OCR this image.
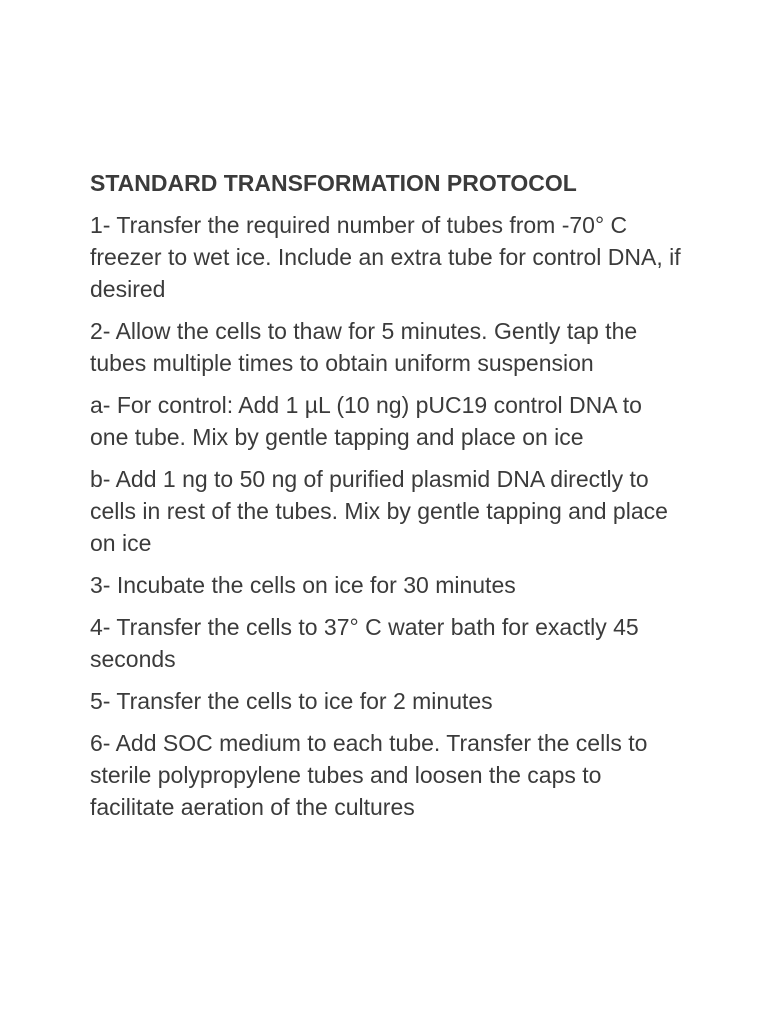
STANDARD TRANSFORMATION PROTOCOL
1- Transfer the required number of tubes from -70° C freezer to wet ice. Include an extra tube for control DNA, if desired
2- Allow the cells to thaw for 5 minutes. Gently tap the tubes multiple times to obtain uniform suspension
a- For control: Add 1 µL (10 ng) pUC19 control DNA to one tube. Mix by gentle tapping and place on ice
b- Add 1 ng to 50 ng of purified plasmid DNA directly to cells in rest of the tubes. Mix by gentle tapping and place on ice
3- Incubate the cells on ice for 30 minutes
4- Transfer the cells to 37° C water bath for exactly 45 seconds
5- Transfer the cells to ice for 2 minutes
6- Add SOC medium to each tube. Transfer the cells to sterile polypropylene tubes and loosen the caps to facilitate aeration of the cultures
